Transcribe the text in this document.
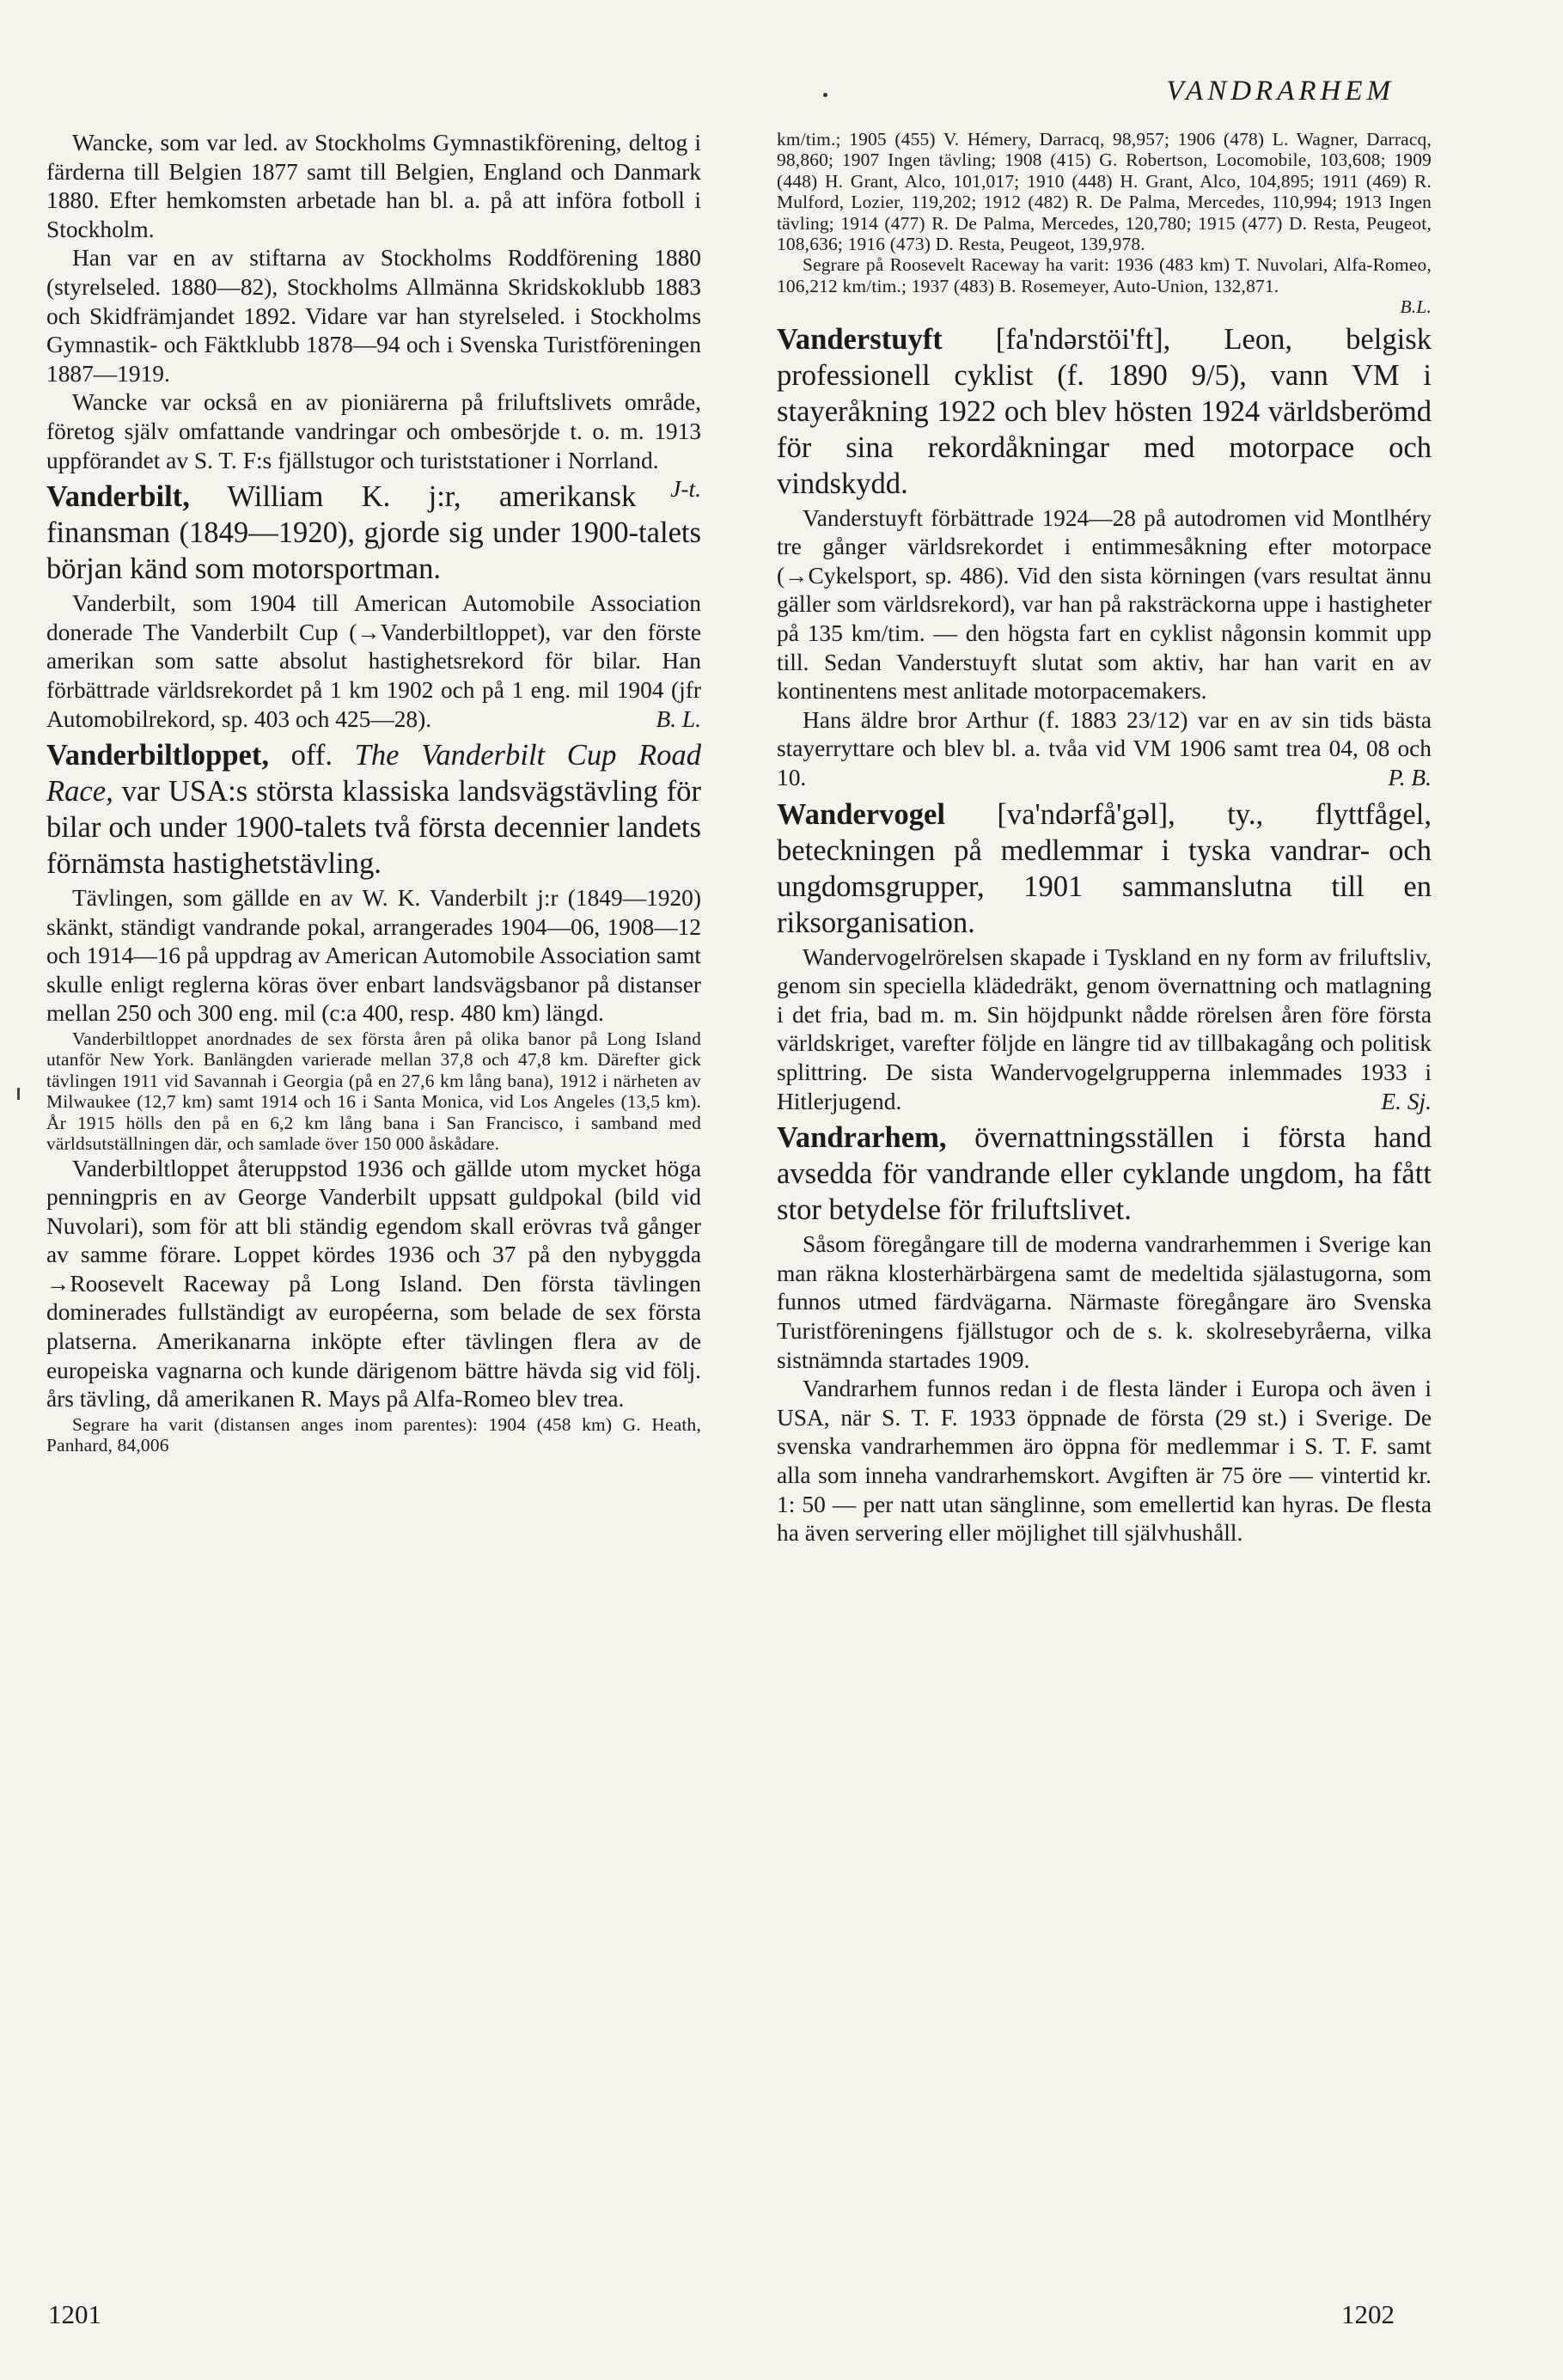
VANDRARHEM

Wancke, som var led. av Stockholms Gymnastikförening, deltog i färderna till Belgien 1877 samt till Belgien, England och Danmark 1880. Efter hemkomsten arbetade han bl. a. på att införa fotboll i Stockholm.

Han var en av stiftarna av Stockholms Roddförening 1880 (styrelseled. 1880—82), Stockholms Allmänna Skridskoklubb 1883 och Skidfrämjandet 1892. Vidare var han styrelseled. i Stockholms Gymnastik- och Fäktklubb 1878—94 och i Svenska Turistföreningen 1887—1919.

Wancke var också en av pioniärerna på friluftslivets område, företog själv omfattande vandringar och ombesörjde t. o. m. 1913 uppförandet av S. T. F:s fjällstugor och turiststationer i Norrland.
J-t.

Vanderbilt, William K. j:r, amerikansk finansman (1849—1920), gjorde sig under 1900-talets början känd som motorsportman.

Vanderbilt, som 1904 till American Automobile Association donerade The Vanderbilt Cup (→Vanderbiltloppet), var den förste amerikan som satte absolut hastighetsrekord för bilar. Han förbättrade världsrekordet på 1 km 1902 och på 1 eng. mil 1904 (jfr Automobilrekord, sp. 403 och 425—28).	B. L.

Vanderbiltloppet, off. The Vanderbilt Cup Road Race, var USA:s största klassiska landsvägstävling för bilar och under 1900-talets två första decennier landets förnämsta hastighetstävling.

Tävlingen, som gällde en av W. K. Vanderbilt j:r (1849—1920) skänkt, ständigt vandrande pokal, arrangerades 1904—06, 1908—12 och 1914—16 på uppdrag av American Automobile Association samt skulle enligt reglerna köras över enbart landsvägsbanor på distanser mellan 250 och 300 eng. mil (c:a 400, resp. 480 km) längd.

Vanderbiltloppet anordnades de sex första åren på olika banor på Long Island utanför New York. Banlängden varierade mellan 37,8 och 47,8 km. Därefter gick tävlingen 1911 vid Savannah i Georgia (på en 27,6 km lång bana), 1912 i närheten av Milwaukee (12,7 km) samt 1914 och 16 i Santa Monica, vid Los Angeles (13,5 km). År 1915 hölls den på en 6,2 km lång bana i San Francisco, i samband med världsutställningen där, och samlade över 150 000 åskådare.

Vanderbiltloppet återuppstod 1936 och gällde utom mycket höga penningpris en av George Vanderbilt uppsatt guldpokal (bild vid Nuvolari), som för att bli ständig egendom skall erövras två gånger av samme förare. Loppet kördes 1936 och 37 på den nybyggda →Roosevelt Raceway på Long Island. Den första tävlingen dominerades fullständigt av européerna, som belade de sex första platserna. Amerikanarna inköpte efter tävlingen flera av de europeiska vagnarna och kunde därigenom bättre hävda sig vid följ. års tävling, då amerikanen R. Mays på Alfa-Romeo blev trea.

Segrare ha varit (distansen anges inom parentes): 1904 (458 km) G. Heath, Panhard, 84,006

km/tim.; 1905 (455) V. Hémery, Darracq, 98,957; 1906 (478) L. Wagner, Darracq, 98,860; 1907 Ingen tävling; 1908 (415) G. Robertson, Locomobile, 103,608; 1909 (448) H. Grant, Alco, 101,017; 1910 (448) H. Grant, Alco, 104,895; 1911 (469) R. Mulford, Lozier, 119,202; 1912 (482) R. De Palma, Mercedes, 110,994; 1913 Ingen tävling; 1914 (477) R. De Palma, Mercedes, 120,780; 1915 (477) D. Resta, Peugeot, 108,636; 1916 (473) D. Resta, Peugeot, 139,978.

Segrare på Roosevelt Raceway ha varit: 1936 (483 km) T. Nuvolari, Alfa-Romeo, 106,212 km/tim.; 1937 (483) B. Rosemeyer, Auto-Union, 132,871.

B.L.

Vanderstuyft [fa'ndərstöi'ft], Leon, belgisk professionell cyklist (f. 1890 9/5), vann VM i stayeråkning 1922 och blev hösten 1924 världsberömd för sina rekordåkningar med motorpace och vindskydd.

Vanderstuyft förbättrade 1924—28 på autodromen vid Montlhéry tre gånger världsrekordet i entimmesåkning efter motorpace (→Cykelsport, sp. 486). Vid den sista körningen (vars resultat ännu gäller som världsrekord), var han på raksträckorna uppe i hastigheter på 135 km/tim. — den högsta fart en cyklist någonsin kommit upp till. Sedan Vanderstuyft slutat som aktiv, har han varit en av kontinentens mest anlitade motorpacemakers.

Hans äldre bror Arthur (f. 1883 23/12) var en av sin tids bästa stayerryttare och blev bl. a. tvåa vid VM 1906 samt trea 04, 08 och 10.	P. B.

Wandervogel [va'ndərfå'gəl], ty., flyttfågel, beteckningen på medlemmar i tyska vandrar- och ungdomsgrupper, 1901 sammanslutna till en riksorganisation.

Wandervogelrörelsen skapade i Tyskland en ny form av friluftsliv, genom sin speciella klädedräkt, genom övernattning och matlagning i det fria, bad m. m. Sin höjdpunkt nådde rörelsen åren före första världskriget, varefter följde en längre tid av tillbakagång och politisk splittring. De sista Wandervogelgrupperna inlemmades 1933 i Hitlerjugend.	E. Sj.

Vandrarhem, övernattningsställen i första hand avsedda för vandrande eller cyklande ungdom, ha fått stor betydelse för friluftslivet.

Såsom föregångare till de moderna vandrarhemmen i Sverige kan man räkna klosterhärbärgena samt de medeltida själastugorna, som funnos utmed färdvägarna. Närmaste föregångare äro Svenska Turistföreningens fjällstugor och de s. k. skolresebyråerna, vilka sistnämnda startades 1909.

Vandrarhem funnos redan i de flesta länder i Europa och även i USA, när S. T. F. 1933 öppnade de första (29 st.) i Sverige. De svenska vandrarhemmen äro öppna för medlemmar i S. T. F. samt alla som inneha vandrarhemskort. Avgiften är 75 öre — vintertid kr. 1: 50 — per natt utan sänglinne, som emellertid kan hyras. De flesta ha även servering eller möjlighet till självhushåll.

1201	1202
